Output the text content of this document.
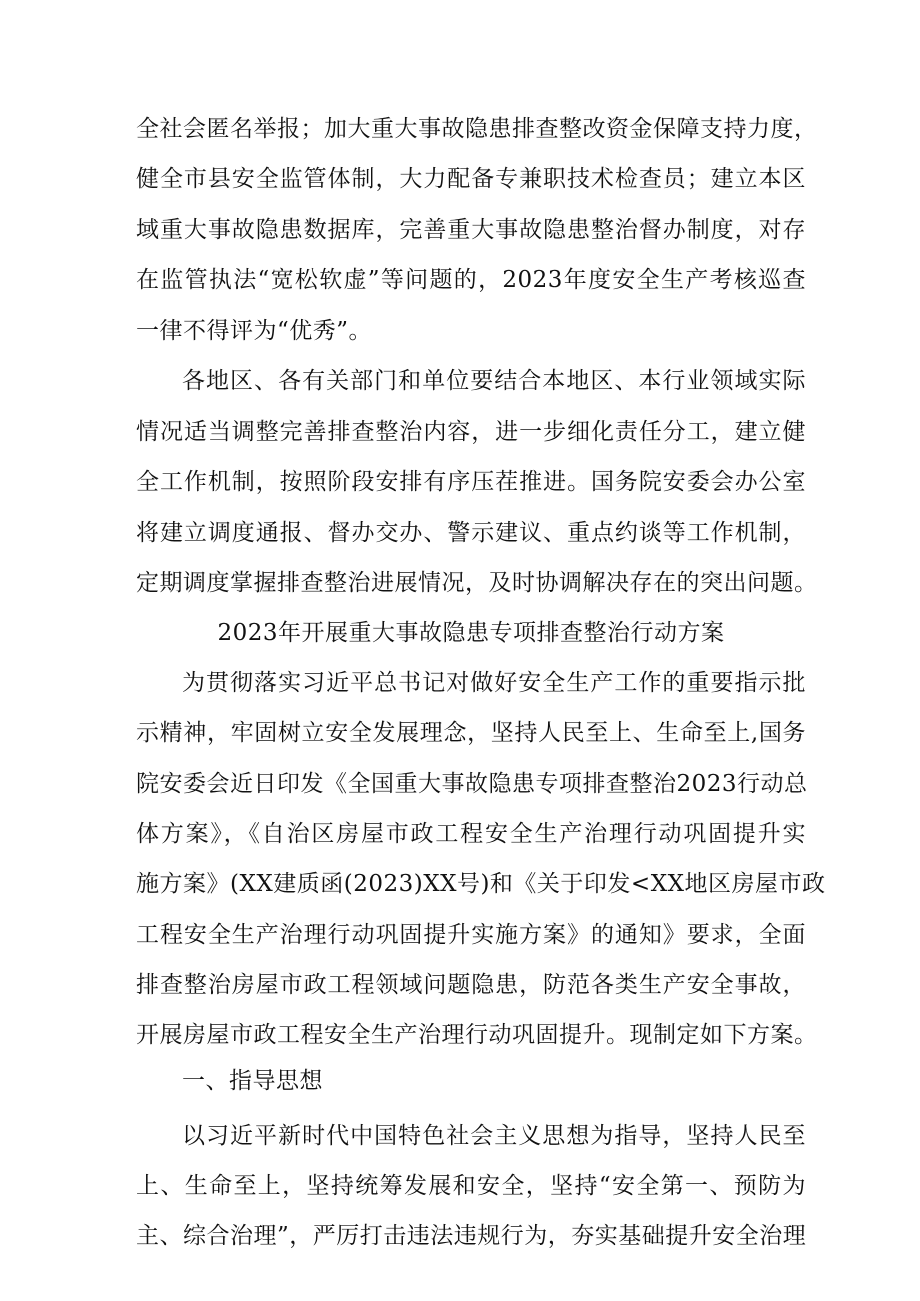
全社会匿名举报；加大重大事故隐患排查整改资金保障支持力度，
健全市县安全监管体制，大力配备专兼职技术检查员；建立本区
域重大事故隐患数据库，完善重大事故隐患整治督办制度，对存
在监管执法“宽松软虚”等问题的，2023年度安全生产考核巡查
一律不得评为“优秀”。
各地区、各有关部门和单位要结合本地区、本行业领域实际
情况适当调整完善排查整治内容，进一步细化责任分工，建立健
全工作机制，按照阶段安排有序压茬推进。国务院安委会办公室
将建立调度通报、督办交办、警示建议、重点约谈等工作机制，
定期调度掌握排查整治进展情况，及时协调解决存在的突出问题。
2023年开展重大事故隐患专项排查整治行动方案
为贯彻落实习近平总书记对做好安全生产工作的重要指示批
示精神，牢固树立安全发展理念，坚持人民至上、生命至上,国务
院安委会近日印发《全国重大事故隐患专项排查整治2023行动总
体方案》，《自治区房屋市政工程安全生产治理行动巩固提升实
施方案》(XX建质函(2023)XX号)和《关于印发<XX地区房屋市政
工程安全生产治理行动巩固提升实施方案》的通知》要求，全面
排查整治房屋市政工程领域问题隐患，防范各类生产安全事故，
开展房屋市政工程安全生产治理行动巩固提升。现制定如下方案。
一、指导思想
以习近平新时代中国特色社会主义思想为指导，坚持人民至
上、生命至上，坚持统筹发展和安全，坚持“安全第一、预防为
主、综合治理”，严厉打击违法违规行为，夯实基础提升安全治理
